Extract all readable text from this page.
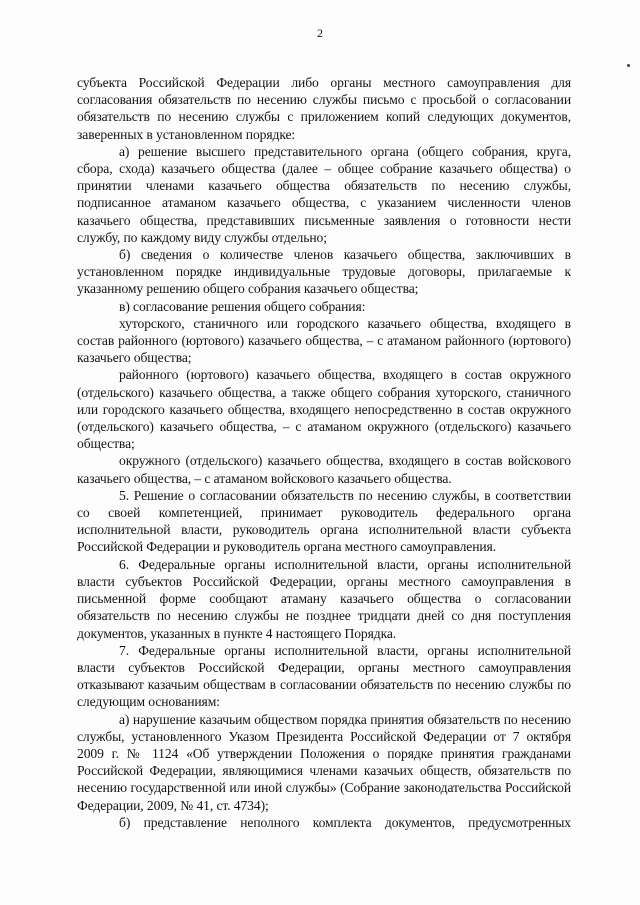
2

субъекта Российской Федерации либо органы местного самоуправления для согласования обязательств по несению службы письмо с просьбой о согласовании обязательств по несению службы с приложением копий следующих документов, заверенных в установленном порядке:

а) решение высшего представительного органа (общего собрания, круга, сбора, схода) казачьего общества (далее – общее собрание казачьего общества) о принятии членами казачьего общества обязательств по несению службы, подписанное атаманом казачьего общества, с указанием численности членов казачьего общества, представивших письменные заявления о готовности нести службу, по каждому виду службы отдельно;

б) сведения о количестве членов казачьего общества, заключивших в установленном порядке индивидуальные трудовые договоры, прилагаемые к указанному решению общего собрания казачьего общества;

в) согласование решения общего собрания:

хуторского, станичного или городского казачьего общества, входящего в состав районного (юртового) казачьего общества, – с атаманом районного (юртового) казачьего общества;

районного (юртового) казачьего общества, входящего в состав окружного (отдельского) казачьего общества, а также общего собрания хуторского, станичного или городского казачьего общества, входящего непосредственно в состав окружного (отдельского) казачьего общества, – с атаманом окружного (отдельского) казачьего общества;

окружного (отдельского) казачьего общества, входящего в состав войскового казачьего общества, – с атаманом войскового казачьего общества.

5. Решение о согласовании обязательств по несению службы, в соответствии со своей компетенцией, принимает руководитель федерального органа исполнительной власти, руководитель органа исполнительной власти субъекта Российской Федерации и руководитель органа местного самоуправления.

6. Федеральные органы исполнительной власти, органы исполнительной власти субъектов Российской Федерации, органы местного самоуправления в письменной форме сообщают атаману казачьего общества о согласовании обязательств по несению службы не позднее тридцати дней со дня поступления документов, указанных в пункте 4 настоящего Порядка.

7. Федеральные органы исполнительной власти, органы исполнительной власти субъектов Российской Федерации, органы местного самоуправления отказывают казачьим обществам в согласовании обязательств по несению службы по следующим основаниям:

а) нарушение казачьим обществом порядка принятия обязательств по несению службы, установленного Указом Президента Российской Федерации от 7 октября 2009 г. № 1124 «Об утверждении Положения о порядке принятия гражданами Российской Федерации, являющимися членами казачьих обществ, обязательств по несению государственной или иной службы» (Собрание законодательства Российской Федерации, 2009, № 41, ст. 4734);

б) представление неполного комплекта документов, предусмотренных
